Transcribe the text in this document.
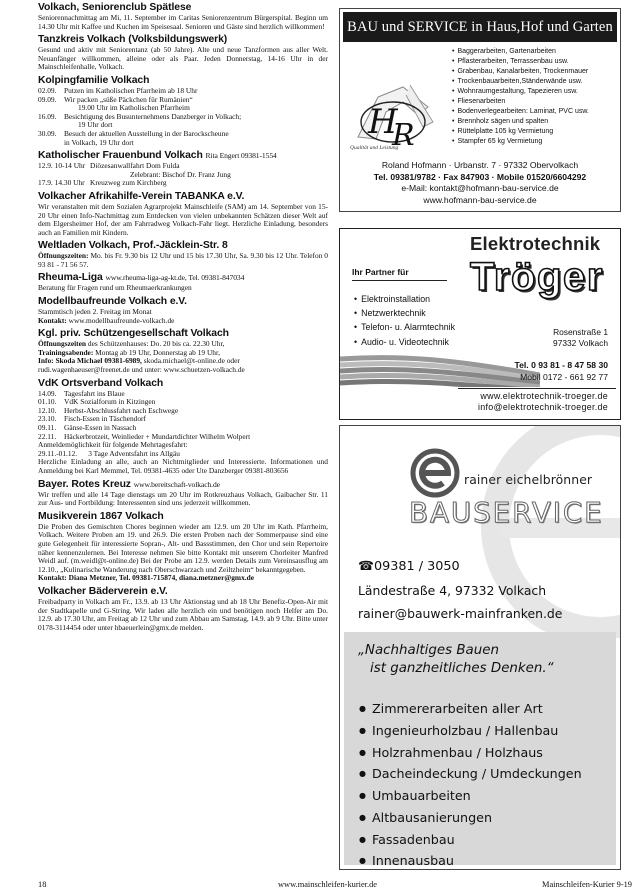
Volkach, Seniorenclub Spätlese
Seniorennachmittag am Mi, 11. September im Caritas Seniorenzentrum Bürgerspital. Beginn um 14.30 Uhr mit Kaffee und Kuchen im Speisesaal. Senioren und Gäste sind herzlich willkommen!
Tanzkreis Volkach (Volksbildungswerk)
Gesund und aktiv mit Seniorentanz (ab 50 Jahre). Alte und neue Tanzformen aus aller Welt. Neuanfänger willkommen, alleine oder als Paar. Jeden Donnerstag, 14-16 Uhr in der Mainschleifenhalle, Volkach.
Kolpingfamilie Volkach
02.09.	Putzen im Katholischen Pfarrheim ab 18 Uhr
09.09.	Wir packen „süße Päckchen für Rumänien“
19.00 Uhr im Katholischen Pfarrheim
16.09.	Besichtigung des Busunternehmens Danzberger in Volkach;
19 Uhr dort
30.09.	Besuch der aktuellen Ausstellung in der Barockscheune
in Volkach, 19 Uhr dort
Katholischer Frauenbund Volkach Rita Engert 09381-1554
12.9. 10-14 Uhr Diözesanwallfahrt Dom Fulda
Zelebrant: Bischof Dr. Franz Jung
17.9. 14.30 Uhr Kreuzweg zum Kirchberg
Volkacher Afrikahilfe-Verein TABANKA e.V.
Wir veranstalten mit dem Sozialen Agrarprojekt Mainschleife (SAM) am 14. September von 15- 20 Uhr einen Info-Nachmittag zum Entdecken von vielen unbekannten Schätzen dieser Welt auf dem Elgersheimer Hof, der am Fahrradweg Volkach-Fahr liegt. Herzliche Einladung, besonders auch an Familien mit Kindern.
Weltladen Volkach, Prof.-Jäcklein-Str. 8
Öffnungszeiten: Mo. bis Fr. 9.30 bis 12 Uhr und 15 bis 17.30 Uhr, Sa. 9.30 bis 12 Uhr. Telefon 0 93 81 - 71 56 57.
Rheuma-Liga www.rheuma-liga-ag-kt.de, Tel. 09381-847034
Beratung für Fragen rund um Rheumaerkrankungen
Modellbaufreunde Volkach e.V.
Stammtisch jeden 2. Freitag im Monat
Kontakt: www.modellbaufreunde-volkach.de
Kgl. priv. Schützengesellschaft Volkach
Öffnungszeiten des Schützenhauses: Do. 20 bis ca. 22.30 Uhr,
Trainingsabende: Montag ab 19 Uhr, Donnerstag ab 19 Uhr,
Info: Skoda Michael 09381-6989, skoda.michael@t-online.de oder
rudi.wagenhaeuser@freenet.de und unter: www.schuetzen-volkach.de
VdK Ortsverband Volkach
14.09.	Tagesfahrt ins Blaue
01.10.	VdK Sozialforum in Kitzingen
12.10.	Herbst-Abschlussfahrt nach Eschwege
23.10.	Fisch-Essen in Täschendorf
09.11.	Gänse-Essen in Nassach
22.11.	Häckerbrotzeit, Weinlieder + Mundartdichter Wilhelm Wolpert
Anmeldemöglichkeit für folgende Mehrtagesfahrt:
29.11.-01.12.      3 Tage Adventsfahrt ins Allgäu
Herzliche Einladung an alle, auch an Nichtmitglieder und Interessierte. Informationen und Anmeldung bei Karl Memmel, Tel. 09381-4635 oder Ute Danzberger 09381-803656
Bayer. Rotes Kreuz www.bereitschaft-volkach.de
Wir treffen und alle 14 Tage dienstags um 20 Uhr im Rotkreuzhaus Volkach, Gaibacher Str. 11 zur Aus- und Fortbildung: Interessenten sind uns jederzeit willkommen.
Musikverein 1867 Volkach
Die Proben des Gemischten Chores beginnen wieder am 12.9. um 20 Uhr im Kath. Pfarrheim, Volkach. Weitere Proben am 19. und 26.9. Die ersten Proben nach der Sommerpause sind eine gute Gelegenheit für interessierte Sopran-, Alt- und Bassstimmen, den Chor und sein Repertoire näher kennenzulernen. Bei Interesse nehmen Sie bitte Kontakt mit unserem Chorleiter Manfred Weidl auf. (m.weidl@t-online.de) Bei der Probe am 12.9. werden Details zum Vereinsausflug am 12.10., „Kulinarische Wanderung nach Oberschwarzach und Zeiltzheim“ bekanntgegeben.
Kontakt: Diana Metzner, Tel. 09381-715874, diana.metzner@gmx.de
Volkacher Bäderverein e.V.
Freibadparty in Volkach am Fr., 13.9. ab 13 Uhr Aktionstag und ab 18 Uhr Benefiz-Open-Air mit der Stadtkapelle und G-String. Wir laden alle herzlich ein und benötigen noch Helfer am Do. 12.9. ab 17.30 Uhr, am Freitag ab 12 Uhr und zum Abbau am Samstag, 14.9. ab 9 Uhr. Bitte unter 0178-3114454 oder unter hbaeuerlein@gmx.de melden.
BAU und SERVICE in Haus,Hof und Garten
H
R
Qualität und Leistung
• Baggerarbeiten, Gartenarbeiten
• Pflasterarbeiten, Terrassenbau usw.
• Grabenbau, Kanalarbeiten, Trockenmauer
• Trockenbauarbeiten,Ständerwände usw.
• Wohnraumgestaltung, Tapezieren usw.
• Fliesenarbeiten
• Bodenverlegearbeiten: Laminat, PVC usw.
• Brennholz sägen und spalten
• Rüttelplatte 105 kg Vermietung
• Stampfer 65 kg Vermietung
Roland Hofmann · Urbanstr. 7 · 97332 Obervolkach
Tel. 09381/9782 · Fax 847903 · Mobile 01520/6604292
e-Mail: kontakt@hofmann-bau-service.de
www.hofmann-bau-service.de
Elektrotechnik
Tröger
Ihr Partner für
• Elektroinstallation
• Netzwerktechnik
• Telefon- u. Alarmtechnik
• Audio- u. Videotechnik
Rosenstraße 1
97332 Volkach
Tel. 0 93 81 - 8 47 58 30
Mobil 0172 - 661 92 77
www.elektrotechnik-troeger.de
info@elektrotechnik-troeger.de
rainer eichelbrönner
BAUSERVICE
☎09381 / 3050
Ländestraße 4, 97332 Volkach
rainer@bauwerk-mainfranken.de
„Nachhaltiges Bauen
ist ganzheitliches Denken.“
● Zimmererarbeiten aller Art
● Ingenieurholzbau / Hallenbau
● Holzrahmenbau / Holzhaus
● Dacheindeckung / Umdeckungen
● Umbauarbeiten
● Altbausanierungen
● Fassadenbau
● Innenausbau
18	www.mainschleifen-kurier.de	Mainschleifen-Kurier 9-19
